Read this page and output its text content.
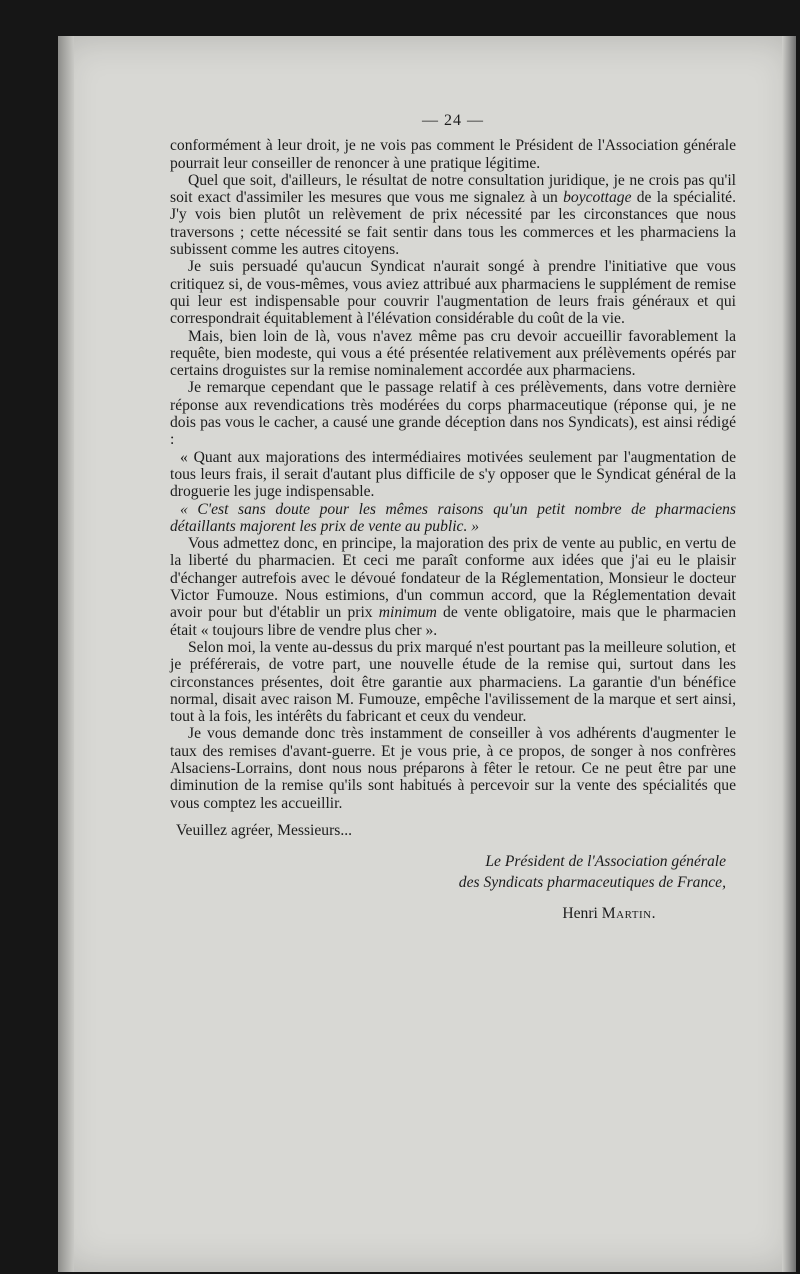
— 24 —

conformément à leur droit, je ne vois pas comment le Président de l'Association générale pourrait leur conseiller de renoncer à une pratique légitime.

Quel que soit, d'ailleurs, le résultat de notre consultation juridique, je ne crois pas qu'il soit exact d'assimiler les mesures que vous me signalez à un boycottage de la spécialité. J'y vois bien plutôt un relèvement de prix nécessité par les circonstances que nous traversons ; cette nécessité se fait sentir dans tous les commerces et les pharmaciens la subissent comme les autres citoyens.

Je suis persuadé qu'aucun Syndicat n'aurait songé à prendre l'initiative que vous critiquez si, de vous-mêmes, vous aviez attribué aux pharmaciens le supplément de remise qui leur est indispensable pour couvrir l'augmentation de leurs frais généraux et qui correspondrait équitablement à l'élévation considérable du coût de la vie.

Mais, bien loin de là, vous n'avez même pas cru devoir accueillir favorablement la requête, bien modeste, qui vous a été présentée relativement aux prélèvements opérés par certains droguistes sur la remise nominalement accordée aux pharmaciens.

Je remarque cependant que le passage relatif à ces prélèvements, dans votre dernière réponse aux revendications très modérées du corps pharmaceutique (réponse qui, je ne dois pas vous le cacher, a causé une grande déception dans nos Syndicats), est ainsi rédigé :

« Quant aux majorations des intermédiaires motivées seulement par l'augmentation de tous leurs frais, il serait d'autant plus difficile de s'y opposer que le Syndicat général de la droguerie les juge indispensable.

« C'est sans doute pour les mêmes raisons qu'un petit nombre de pharmaciens détaillants majorent les prix de vente au public. »

Vous admettez donc, en principe, la majoration des prix de vente au public, en vertu de la liberté du pharmacien. Et ceci me paraît conforme aux idées que j'ai eu le plaisir d'échanger autrefois avec le dévoué fondateur de la Réglementation, Monsieur le docteur Victor Fumouze. Nous estimions, d'un commun accord, que la Réglementation devait avoir pour but d'établir un prix minimum de vente obligatoire, mais que le pharmacien était « toujours libre de vendre plus cher ».

Selon moi, la vente au-dessus du prix marqué n'est pourtant pas la meilleure solution, et je préférerais, de votre part, une nouvelle étude de la remise qui, surtout dans les circonstances présentes, doit être garantie aux pharmaciens. La garantie d'un bénéfice normal, disait avec raison M. Fumouze, empêche l'avilissement de la marque et sert ainsi, tout à la fois, les intérêts du fabricant et ceux du vendeur.

Je vous demande donc très instamment de conseiller à vos adhérents d'augmenter le taux des remises d'avant-guerre. Et je vous prie, à ce propos, de songer à nos confrères Alsaciens-Lorrains, dont nous nous préparons à fêter le retour. Ce ne peut être par une diminution de la remise qu'ils sont habitués à percevoir sur la vente des spécialités que vous comptez les accueillir.

Veuillez agréer, Messieurs...

Le Président de l'Association générale
des Syndicats pharmaceutiques de France,
Henri Martin.
